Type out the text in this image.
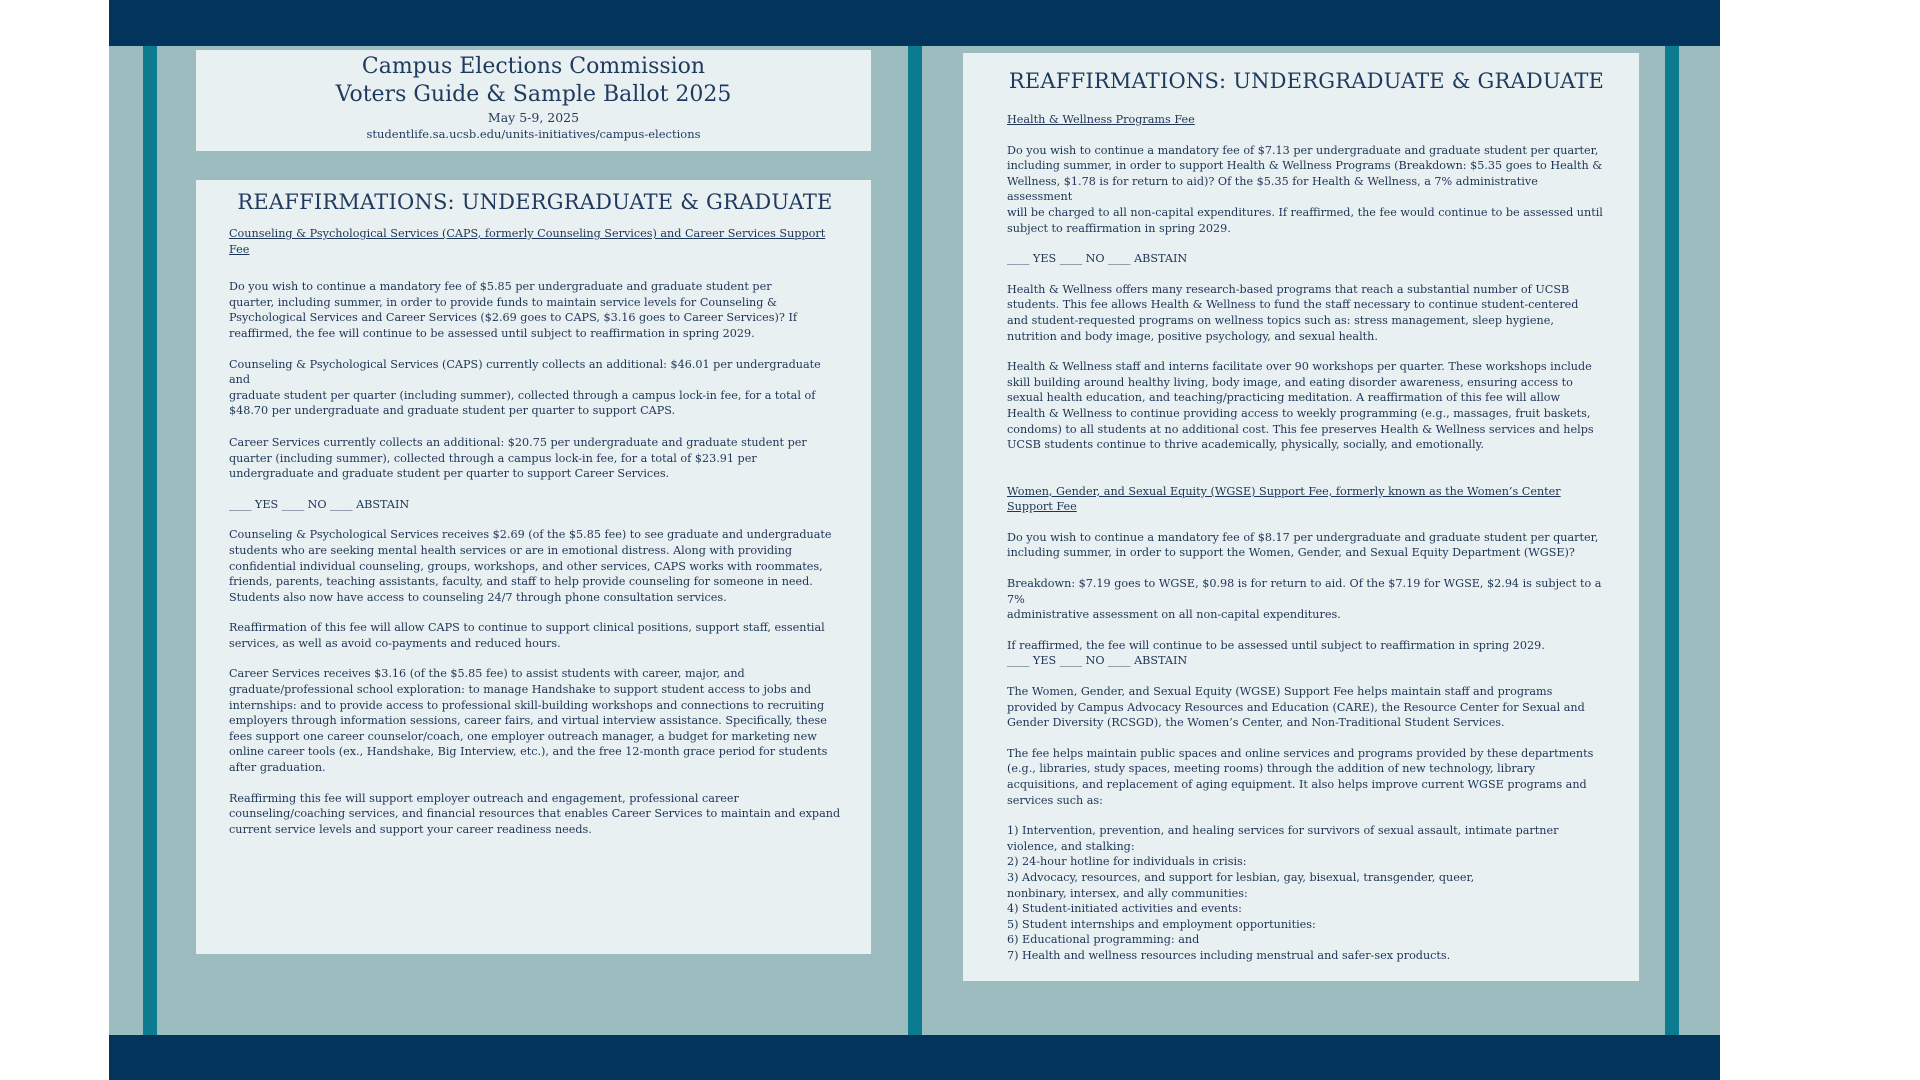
Campus Elections Commission
Voters Guide & Sample Ballot 2025
May 5-9, 2025
studentlife.sa.ucsb.edu/units-initiatives/campus-elections
REAFFIRMATIONS: UNDERGRADUATE & GRADUATE

Counseling & Psychological Services (CAPS, formerly Counseling Services) and Career Services Support
Fee

Do you wish to continue a mandatory fee of $5.85 per undergraduate and graduate student per
quarter, including summer, in order to provide funds to maintain service levels for Counseling &
Psychological Services and Career Services ($2.69 goes to CAPS, $3.16 goes to Career Services)? If
reaffirmed, the fee will continue to be assessed until subject to reaffirmation in spring 2029.

Counseling & Psychological Services (CAPS) currently collects an additional: $46.01 per undergraduate and
graduate student per quarter (including summer), collected through a campus lock-in fee, for a total of
$48.70 per undergraduate and graduate student per quarter to support CAPS.

Career Services currently collects an additional: $20.75 per undergraduate and graduate student per
quarter (including summer), collected through a campus lock-in fee, for a total of $23.91 per
undergraduate and graduate student per quarter to support Career Services.

____ YES ____ NO ____ ABSTAIN

Counseling & Psychological Services receives $2.69 (of the $5.85 fee) to see graduate and undergraduate
students who are seeking mental health services or are in emotional distress. Along with providing
confidential individual counseling, groups, workshops, and other services, CAPS works with roommates,
friends, parents, teaching assistants, faculty, and staff to help provide counseling for someone in need.
Students also now have access to counseling 24/7 through phone consultation services.

Reaffirmation of this fee will allow CAPS to continue to support clinical positions, support staff, essential
services, as well as avoid co-payments and reduced hours.

Career Services receives $3.16 (of the $5.85 fee) to assist students with career, major, and
graduate/professional school exploration: to manage Handshake to support student access to jobs and
internships: and to provide access to professional skill-building workshops and connections to recruiting
employers through information sessions, career fairs, and virtual interview assistance. Specifically, these
fees support one career counselor/coach, one employer outreach manager, a budget for marketing new
online career tools (ex., Handshake, Big Interview, etc.), and the free 12-month grace period for students
after graduation.

Reaffirming this fee will support employer outreach and engagement, professional career
counseling/coaching services, and financial resources that enables Career Services to maintain and expand
current service levels and support your career readiness needs.

REAFFIRMATIONS: UNDERGRADUATE & GRADUATE

Health & Wellness Programs Fee

Do you wish to continue a mandatory fee of $7.13 per undergraduate and graduate student per quarter,
including summer, in order to support Health & Wellness Programs (Breakdown: $5.35 goes to Health &
Wellness, $1.78 is for return to aid)? Of the $5.35 for Health & Wellness, a 7% administrative assessment
will be charged to all non-capital expenditures. If reaffirmed, the fee would continue to be assessed until
subject to reaffirmation in spring 2029.

____ YES ____ NO ____ ABSTAIN

Health & Wellness offers many research-based programs that reach a substantial number of UCSB
students. This fee allows Health & Wellness to fund the staff necessary to continue student-centered
and student-requested programs on wellness topics such as: stress management, sleep hygiene,
nutrition and body image, positive psychology, and sexual health.

Health & Wellness staff and interns facilitate over 90 workshops per quarter. These workshops include
skill building around healthy living, body image, and eating disorder awareness, ensuring access to
sexual health education, and teaching/practicing meditation. A reaffirmation of this fee will allow
Health & Wellness to continue providing access to weekly programming (e.g., massages, fruit baskets,
condoms) to all students at no additional cost. This fee preserves Health & Wellness services and helps
UCSB students continue to thrive academically, physically, socially, and emotionally.

Women, Gender, and Sexual Equity (WGSE) Support Fee, formerly known as the Women’s Center
Support Fee

Do you wish to continue a mandatory fee of $8.17 per undergraduate and graduate student per quarter,
including summer, in order to support the Women, Gender, and Sexual Equity Department (WGSE)?

Breakdown: $7.19 goes to WGSE, $0.98 is for return to aid. Of the $7.19 for WGSE, $2.94 is subject to a 7%
administrative assessment on all non-capital expenditures.

If reaffirmed, the fee will continue to be assessed until subject to reaffirmation in spring 2029.
____ YES ____ NO ____ ABSTAIN

The Women, Gender, and Sexual Equity (WGSE) Support Fee helps maintain staff and programs
provided by Campus Advocacy Resources and Education (CARE), the Resource Center for Sexual and
Gender Diversity (RCSGD), the Women’s Center, and Non-Traditional Student Services.

The fee helps maintain public spaces and online services and programs provided by these departments
(e.g., libraries, study spaces, meeting rooms) through the addition of new technology, library
acquisitions, and replacement of aging equipment. It also helps improve current WGSE programs and
services such as:

1) Intervention, prevention, and healing services for survivors of sexual assault, intimate partner
violence, and stalking:
2) 24-hour hotline for individuals in crisis:
3) Advocacy, resources, and support for lesbian, gay, bisexual, transgender, queer,
nonbinary, intersex, and ally communities:
4) Student-initiated activities and events:
5) Student internships and employment opportunities:
6) Educational programming: and
7) Health and wellness resources including menstrual and safer-sex products.
